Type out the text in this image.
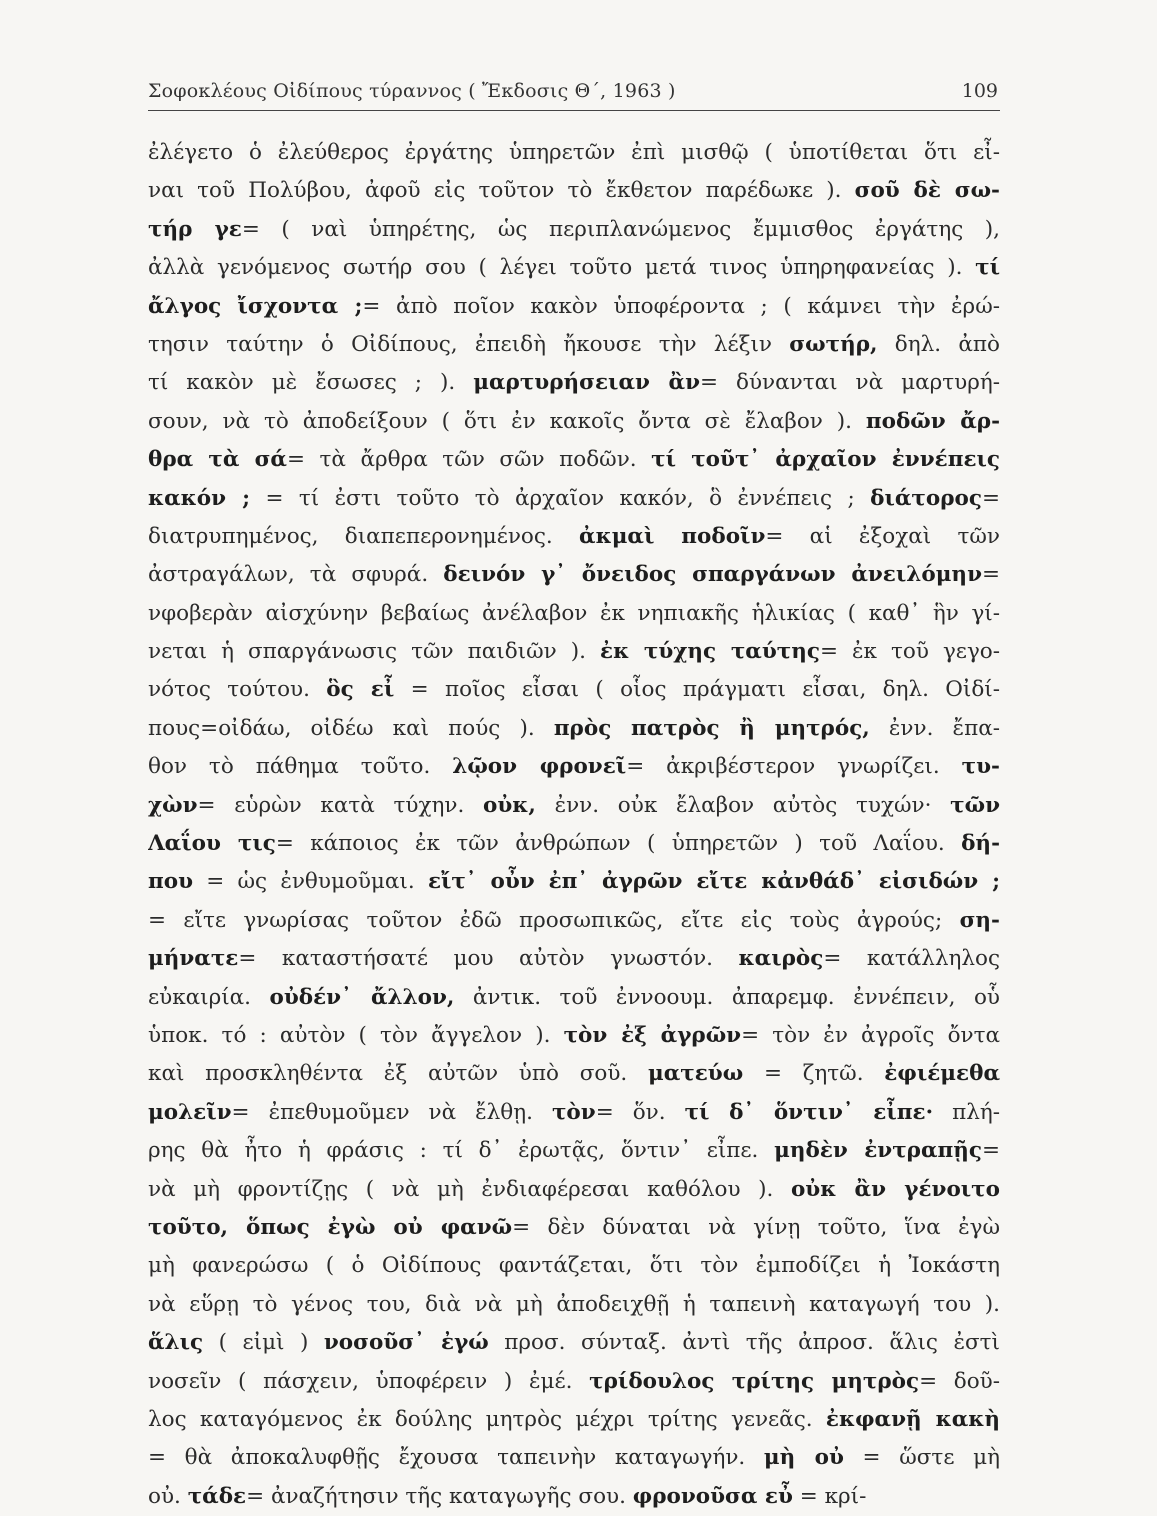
Σοφοκλέους Οἰδίπους τύραννος ( Ἔκδοσις Θ΄, 1963 )	109
ἐλέγετο ὁ ἐλεύθερος ἐργάτης ὑπηρετῶν ἐπὶ μισθῷ ( ὑποτίθεται ὅτι εἶ-
ναι τοῦ Πολύβου, ἀφοῦ εἰς τοῦτον τὸ ἔκθετον παρέδωκε ). σοῦ δὲ σω-
τήρ γε= ( ναὶ ὑπηρέτης, ὡς περιπλανώμενος ἔμμισθος ἐργάτης ),
ἀλλὰ γενόμενος σωτήρ σου ( λέγει τοῦτο μετά τινος ὑπηρηφανείας ). τί
ἄλγος ἴσχοντα ;= ἀπὸ ποῖον κακὸν ὑποφέροντα ; ( κάμνει τὴν ἐρώ-
τησιν ταύτην ὁ Οἰδίπους, ἐπειδὴ ἤκουσε τὴν λέξιν σωτήρ, δηλ. ἀπὸ
τί κακὸν μὲ ἔσωσες ; ). μαρτυρήσειαν ἂν= δύνανται νὰ μαρτυρή-
σουν, νὰ τὸ ἀποδείξουν ( ὅτι ἐν κακοῖς ὄντα σὲ ἔλαβον ). ποδῶν ἄρ-
θρα τὰ σά= τὰ ἄρθρα τῶν σῶν ποδῶν. τί τοῦτ᾽ ἀρχαῖον ἐννέπεις
κακόν ; = τί ἐστι τοῦτο τὸ ἀρχαῖον κακόν, ὃ ἐννέπεις ; διάτορος=
διατρυπημένος, διαπεπερονημένος. ἀκμαὶ ποδοῖν= αἱ ἐξοχαὶ τῶν
ἀστραγάλων, τὰ σφυρά. δεινόν γ᾽ ὄνειδος σπαργάνων ἀνειλόμην=
νφοβερὰν αἰσχύνην βεβαίως ἀνέλαβον ἐκ νηπιακῆς ἡλικίας ( καθ᾽ ἣν γί-
νεται ἡ σπαργάνωσις τῶν παιδιῶν ). ἐκ τύχης ταύτης= ἐκ τοῦ γεγο-
νότος τούτου. ὃς εἶ = ποῖος εἶσαι ( οἷος πράγματι εἶσαι, δηλ. Οἰδί-
πους=οἰδάω, οἰδέω καὶ πούς ). πρὸς πατρὸς ἢ μητρός, ἐνν. ἔπα-
θον τὸ πάθημα τοῦτο. λῷον φρονεῖ= ἀκριβέστερον γνωρίζει. τυ-
χὼν= εὑρὼν κατὰ τύχην. οὐκ, ἐνν. οὐκ ἔλαβον αὐτὸς τυχών· τῶν
Λαΐου τις= κάποιος ἐκ τῶν ἀνθρώπων ( ὑπηρετῶν ) τοῦ Λαΐου. δή-
που = ὡς ἐνθυμοῦμαι. εἴτ᾽ οὖν ἐπ᾽ ἀγρῶν εἴτε κἀνθάδ᾽ εἰσιδών ;
= εἴτε γνωρίσας τοῦτον ἐδῶ προσωπικῶς, εἴτε εἰς τοὺς ἀγρούς; ση-
μήνατε= καταστήσατέ μου αὐτὸν γνωστόν. καιρὸς= κατάλληλος
εὐκαιρία. οὐδέν᾽ ἄλλον, ἀντικ. τοῦ ἐννοουμ. ἀπαρεμφ. ἐννέπειν, οὗ
ὑποκ. τό : αὐτὸν ( τὸν ἄγγελον ). τὸν ἐξ ἀγρῶν= τὸν ἐν ἀγροῖς ὄντα
καὶ προσκληθέντα ἐξ αὐτῶν ὑπὸ σοῦ. ματεύω = ζητῶ. ἐφιέμεθα
μολεῖν= ἐπεθυμοῦμεν νὰ ἔλθῃ. τὸν= ὅν. τί δ᾽ ὅντιν᾽ εἶπε· πλή-
ρης θὰ ἦτο ἡ φράσις : τί δ᾽ ἐρωτᾷς, ὅντιν᾽ εἶπε. μηδὲν ἐντραπῇς=
νὰ μὴ φροντίζῃς ( νὰ μὴ ἐνδιαφέρεσαι καθόλου ). οὐκ ἂν γένοιτο
τοῦτο, ὅπως ἐγὼ οὐ φανῶ= δὲν δύναται νὰ γίνῃ τοῦτο, ἵνα ἐγὼ
μὴ φανερώσω ( ὁ Οἰδίπους φαντάζεται, ὅτι τὸν ἐμποδίζει ἡ Ἰοκάστη
νὰ εὕρῃ τὸ γένος του, διὰ νὰ μὴ ἀποδειχθῇ ἡ ταπεινὴ καταγωγή του ).
ἅλις ( εἰμὶ ) νοσοῦσ᾽ ἐγώ προσ. σύνταξ. ἀντὶ τῆς ἀπροσ. ἅλις ἐστὶ
νοσεῖν ( πάσχειν, ὑποφέρειν ) ἐμέ. τρίδουλος τρίτης μητρὸς= δοῦ-
λος καταγόμενος ἐκ δούλης μητρὸς μέχρι τρίτης γενεᾶς. ἐκφανῇ κακὴ
= θὰ ἀποκαλυφθῇς ἔχουσα ταπεινὴν καταγωγήν. μὴ οὐ = ὥστε μὴ
οὐ. τάδε= ἀναζήτησιν τῆς καταγωγῆς σου. φρονοῦσα εὖ = κρί-
